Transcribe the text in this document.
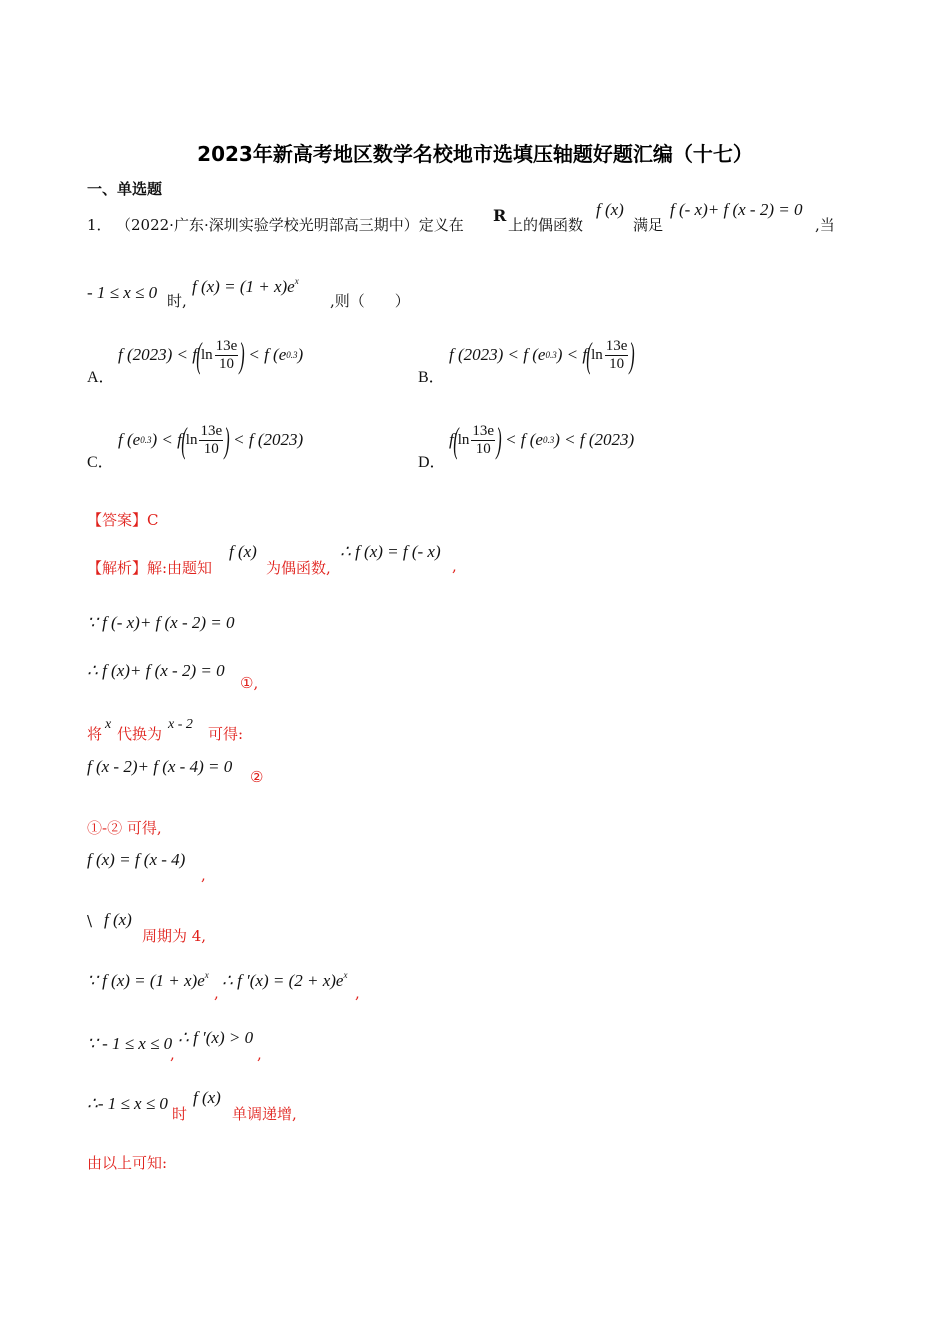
2023年新高考地区数学名校地市选填压轴题好题汇编（十七）
一、单选题
1． （2022·广东·深圳实验学校光明部高三期中）定义在 R 上的偶函数
f (x)
满足
f (- x)+ f (x - 2) = 0
,当
- 1 ≤ x ≤ 0 时,
f $(x) = (1 + x)e^x$
,则（　　）
A．
f (2023) < f ( $\ln \frac{13e}{10}$ ) < f (e 0.3 )
B．
f (2023) < f (e 0.3 ) < f ( $\ln \frac{13e}{10}$ )
C．
f (e 0.3 ) < f ( $\ln \frac{13e}{10}$ ) < f (2023)
D．
f ( $\ln \frac{13e}{10}$ ) < f (e 0.3 ) < f (2023)
【答案】C
【解析】 解:由题知
f (x)
为偶函数,
∴ f (x) = f (- x)
,
∵ f (- x)+ f (x - 2) = 0
∴ f (x)+ f (x - 2) = 0
①,
将
x
代换为
x - 2
可得:
f (x - 2)+ f (x - 4) = 0
②
①-② 可得,
f (x) = f (x - 4)
,
\ f (x)
周期为 4,
∵ f $(x) = (1 + x)e^x$
,
∴ f $'(x) = (2 + x)e^x$
,
∵ - 1 ≤ x ≤ 0
,
∴ f ′(x) > 0
,
∴- 1 ≤ x ≤ 0
时
f (x)
单调递增,
由以上可知:
